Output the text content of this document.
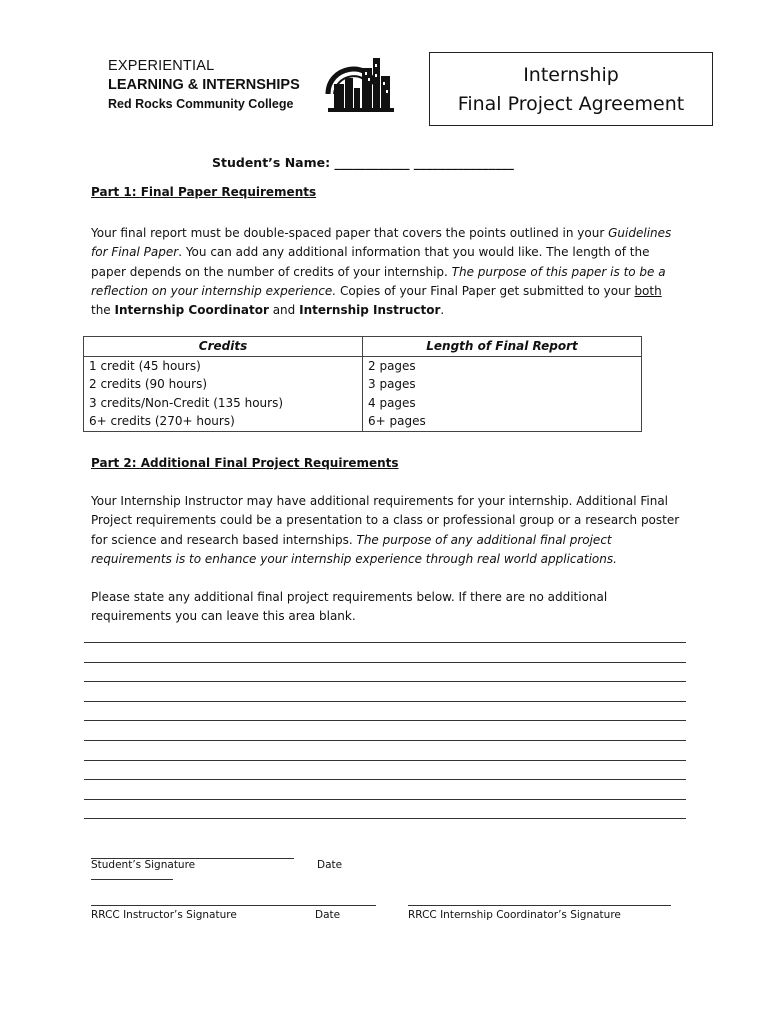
EXPERIENTIAL
LEARNING & INTERNSHIPS
Red Rocks Community College
Internship
Final Project Agreement
Student’s Name: ____________ ________________
Part 1: Final Paper Requirements
Your final report must be double-spaced paper that covers the points outlined in your Guidelines for Final Paper. You can add any additional information that you would like. The length of the paper depends on the number of credits of your internship. The purpose of this paper is to be a reflection on your internship experience. Copies of your Final Paper get submitted to your both the Internship Coordinator and Internship Instructor.
Credits	Length of Final Report
1 credit (45 hours)	2 pages
2 credits (90 hours)	3 pages
3 credits/Non-Credit (135 hours)	4 pages
6+ credits (270+ hours)	6+ pages
Part 2: Additional Final Project Requirements
Your Internship Instructor may have additional requirements for your internship. Additional Final Project requirements could be a presentation to a class or professional group or a research poster for science and research based internships. The purpose of any additional final project requirements is to enhance your internship experience through real world applications.
Please state any additional final project requirements below. If there are no additional requirements you can leave this area blank.
Student’s Signature	Date
RRCC Instructor’s Signature	Date	RRCC Internship Coordinator’s Signature
